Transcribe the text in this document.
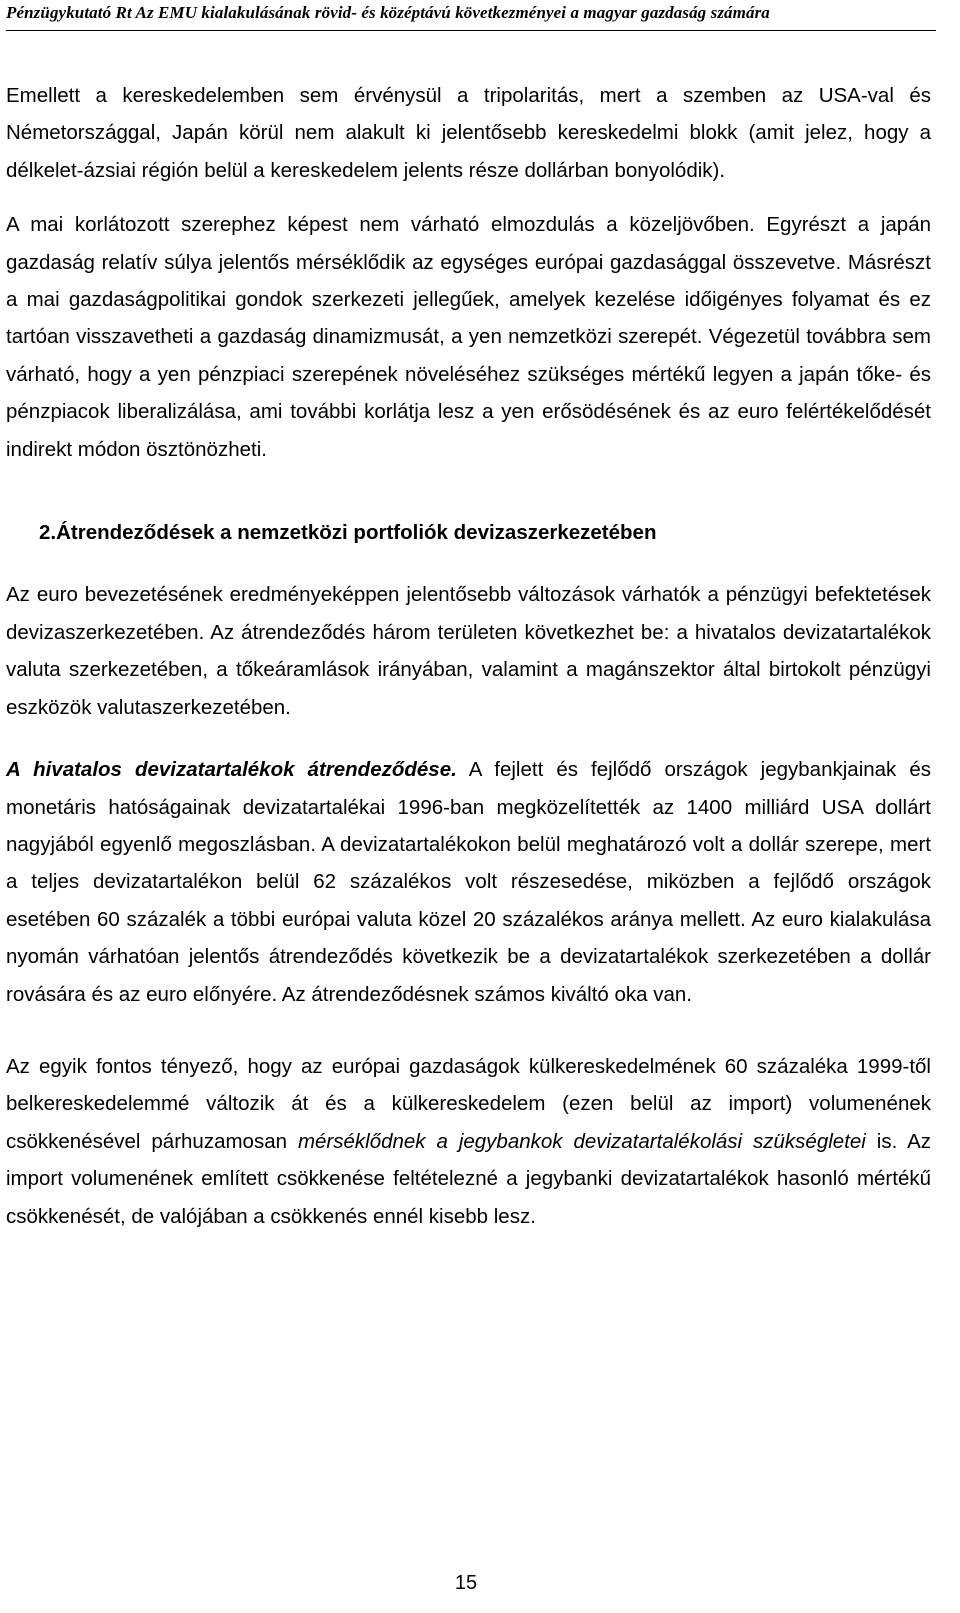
Pénzügykutató Rt Az EMU kialakulásának rövid- és középtávú következményei a magyar gazdaság számára

Emellett a kereskedelemben sem érvénysül a tripolaritás, mert a szemben az USA-val és Németországgal, Japán körül nem alakult ki jelentősebb kereskedelmi blokk (amit jelez, hogy a délkelet-ázsiai régión belül a kereskedelem jelents része dollárban bonyolódik).

A mai korlátozott szerephez képest nem várható elmozdulás a közeljövőben. Egyrészt a japán gazdaság relatív súlya jelentős mérséklődik az egységes európai gazdasággal összevetve. Másrészt a mai gazdaságpolitikai gondok szerkezeti jellegűek, amelyek kezelése időigényes folyamat és ez tartóan visszavetheti a gazdaság dinamizmusát, a yen nemzetközi szerepét. Végezetül továbbra sem várható, hogy a yen pénzpiaci szerepének növeléséhez szükséges mértékű legyen a japán tőke- és pénzpiacok liberalizálása, ami további korlátja lesz a yen erősödésének és az euro felértékelődését indirekt módon ösztönözheti.

2.Átrendeződések a nemzetközi portfoliók devizaszerkezetében

Az euro bevezetésének eredményeképpen jelentősebb változások várhatók a pénzügyi befektetések devizaszerkezetében. Az átrendeződés három területen következhet be: a hivatalos devizatartalékok valuta szerkezetében, a tőkeáramlások irányában, valamint a magánszektor által birtokolt pénzügyi eszközök valutaszerkezetében.

A hivatalos devizatartalékok átrendeződése. A fejlett és fejlődő országok jegybankjainak és monetáris hatóságainak devizatartalékai 1996-ban megközelítették az 1400 milliárd USA dollárt nagyjából egyenlő megoszlásban. A devizatartalékokon belül meghatározó volt a dollár szerepe, mert a teljes devizatartalékon belül 62 százalékos volt részesedése, miközben a fejlődő országok esetében 60 százalék a többi európai valuta közel 20 százalékos aránya mellett. Az euro kialakulása nyomán várhatóan jelentős átrendeződés következik be a devizatartalékok szerkezetében a dollár rovására és az euro előnyére. Az átrendeződésnek számos kiváltó oka van.

Az egyik fontos tényező, hogy az európai gazdaságok külkereskedelmének 60 százaléka 1999-től belkereskedelemmé változik át és a külkereskedelem (ezen belül az import) volumenének csökkenésével párhuzamosan mérséklődnek a jegybankok devizatartalékolási szükségletei is. Az import volumenének említett csökkenése feltételezné a jegybanki devizatartalékok hasonló mértékű csökkenését, de valójában a csökkenés ennél kisebb lesz.

15
